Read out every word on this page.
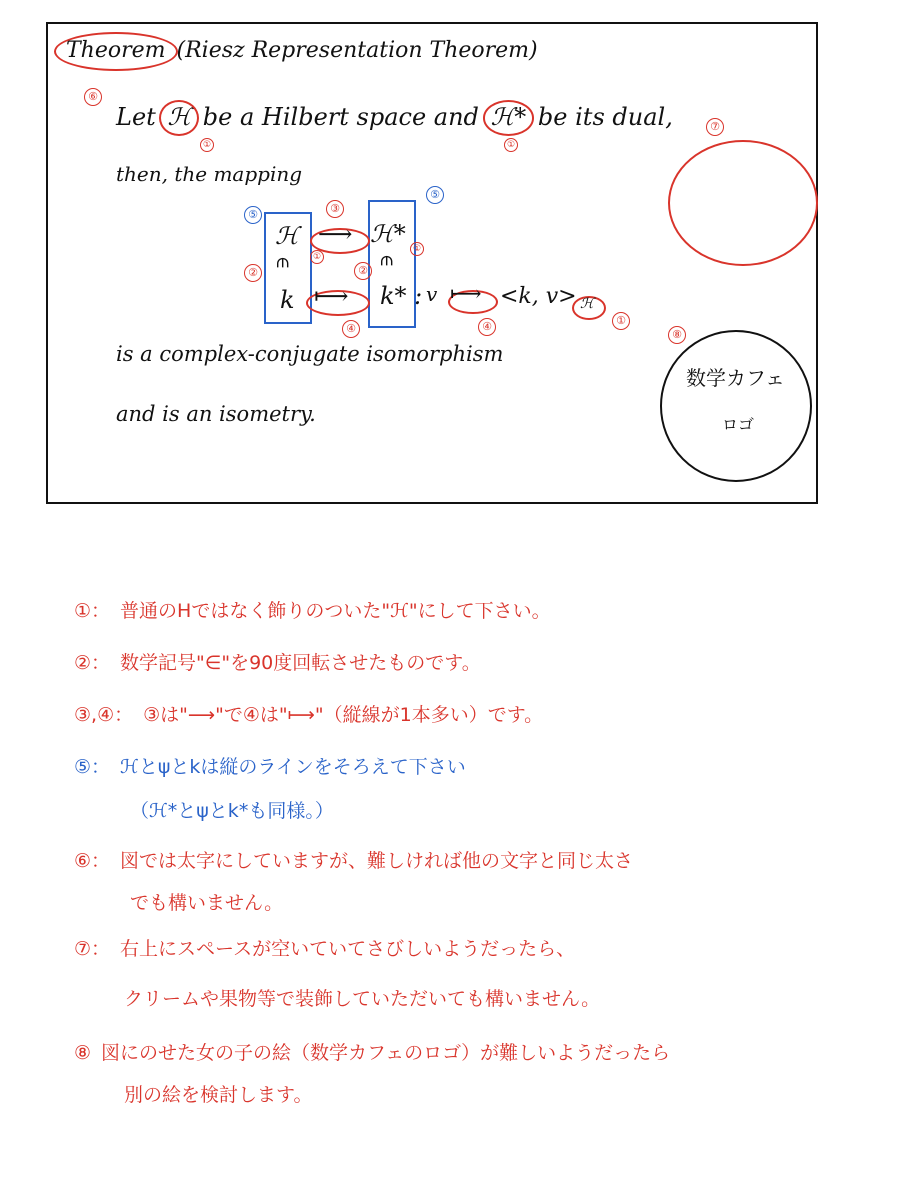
Theorem (Riesz Representation Theorem)
⑥
Let ℋ be a Hilbert space and ℋ* be its dual,
①	①
then, the mapping
⑦
⑤
⑤
③
ℋ ⟶ ℋ*
②	②
∈	∈
k ⟼ k* : v ⟼ <k, v> ℋ
④	④
①
①
①
is a complex-conjugate isomorphism
and is an isometry.
⑧
数学カフェ
ロゴ
①： 普通のHではなく飾りのついた"ℋ"にして下さい。
②： 数学記号"∈"を90度回転させたものです。
③,④： ③は"⟶"で④は"⟼"（縦線が1本多い）です。
⑤： ℋとψとkは縦のラインをそろえて下さい
（ℋ*とψとk*も同様。）
⑥： 図では太字にしていますが、難しければ他の文字と同じ太さ
でも構いません。
⑦： 右上にスペースが空いていてさびしいようだったら、
クリームや果物等で装飾していただいても構いません。
⑧ 図にのせた女の子の絵（数学カフェのロゴ）が難しいようだったら
別の絵を検討します。
